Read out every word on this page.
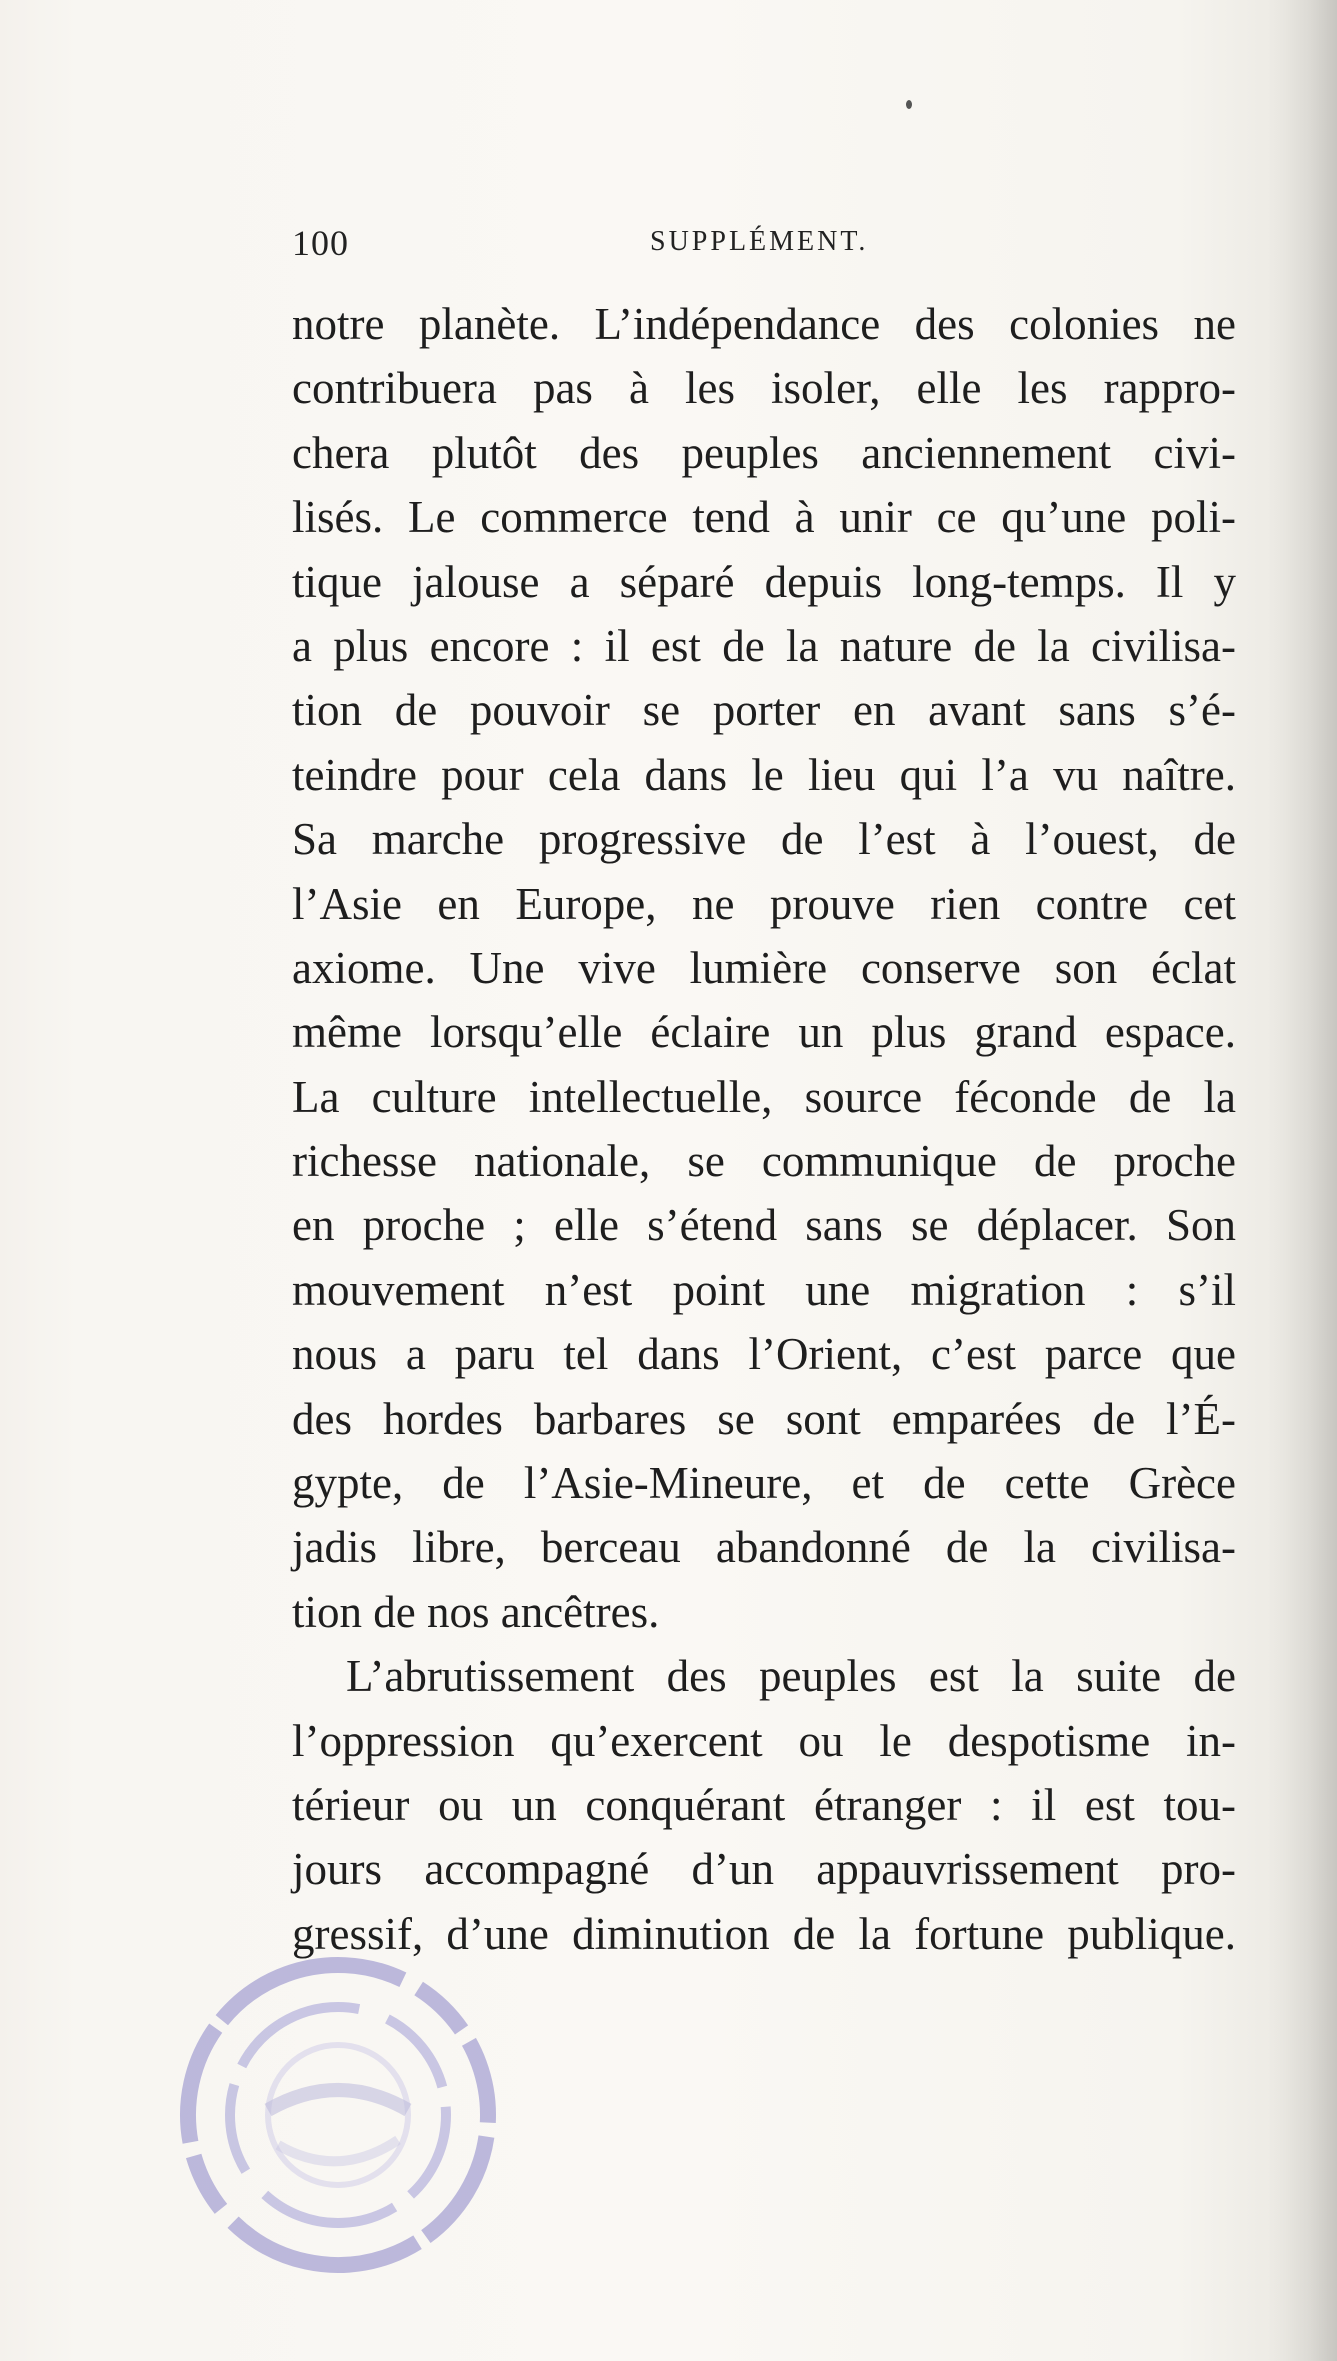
100	SUPPLÉMENT.
notre planète. L’indépendance des colonies ne
contribuera pas à les isoler, elle les rappro-
chera plutôt des peuples anciennement civi-
lisés. Le commerce tend à unir ce qu’une poli-
tique jalouse a séparé depuis long-temps. Il y
a plus encore : il est de la nature de la civilisa-
tion de pouvoir se porter en avant sans s’é-
teindre pour cela dans le lieu qui l’a vu naître.
Sa marche progressive de l’est à l’ouest, de
l’Asie en Europe, ne prouve rien contre cet
axiome. Une vive lumière conserve son éclat
même lorsqu’elle éclaire un plus grand espace.
La culture intellectuelle, source féconde de la
richesse nationale, se communique de proche
en proche ; elle s’étend sans se déplacer. Son
mouvement n’est point une migration : s’il
nous a paru tel dans l’Orient, c’est parce que
des hordes barbares se sont emparées de l’É-
gypte, de l’Asie-Mineure, et de cette Grèce
jadis libre, berceau abandonné de la civilisa-
tion de nos ancêtres.
L’abrutissement des peuples est la suite de
l’oppression qu’exercent ou le despotisme in-
térieur ou un conquérant étranger : il est tou-
jours accompagné d’un appauvrissement pro-
gressif, d’une diminution de la fortune publique.
